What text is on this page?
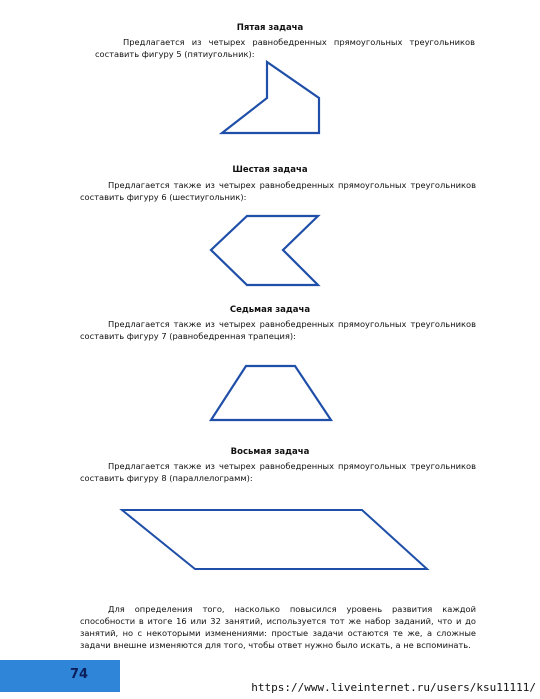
Пятая задача

Предлагается из четырех равнобедренных прямоугольных треугольников составить фигуру 5 (пятиугольник):

Шестая задача

Предлагается также из четырех равнобедренных прямоугольных треугольников составить фигуру 6 (шестиугольник):

Седьмая задача

Предлагается также из четырех равнобедренных прямоугольных треугольников составить фигуру 7 (равнобедренная трапеция):

Восьмая задача

Предлагается также из четырех равнобедренных прямоугольных треугольников составить фигуру 8 (параллелограмм):

Для определения того, насколько повысился уровень развития каждой способности в итоге 16 или 32 занятий, используется тот же набор заданий, что и до занятий, но с некоторыми изменениями: простые задачи остаются те же, а сложные задачи внешне изменяются для того, чтобы ответ нужно было искать, а не вспоминать.

74
https://www.liveinternet.ru/users/ksu11111/
